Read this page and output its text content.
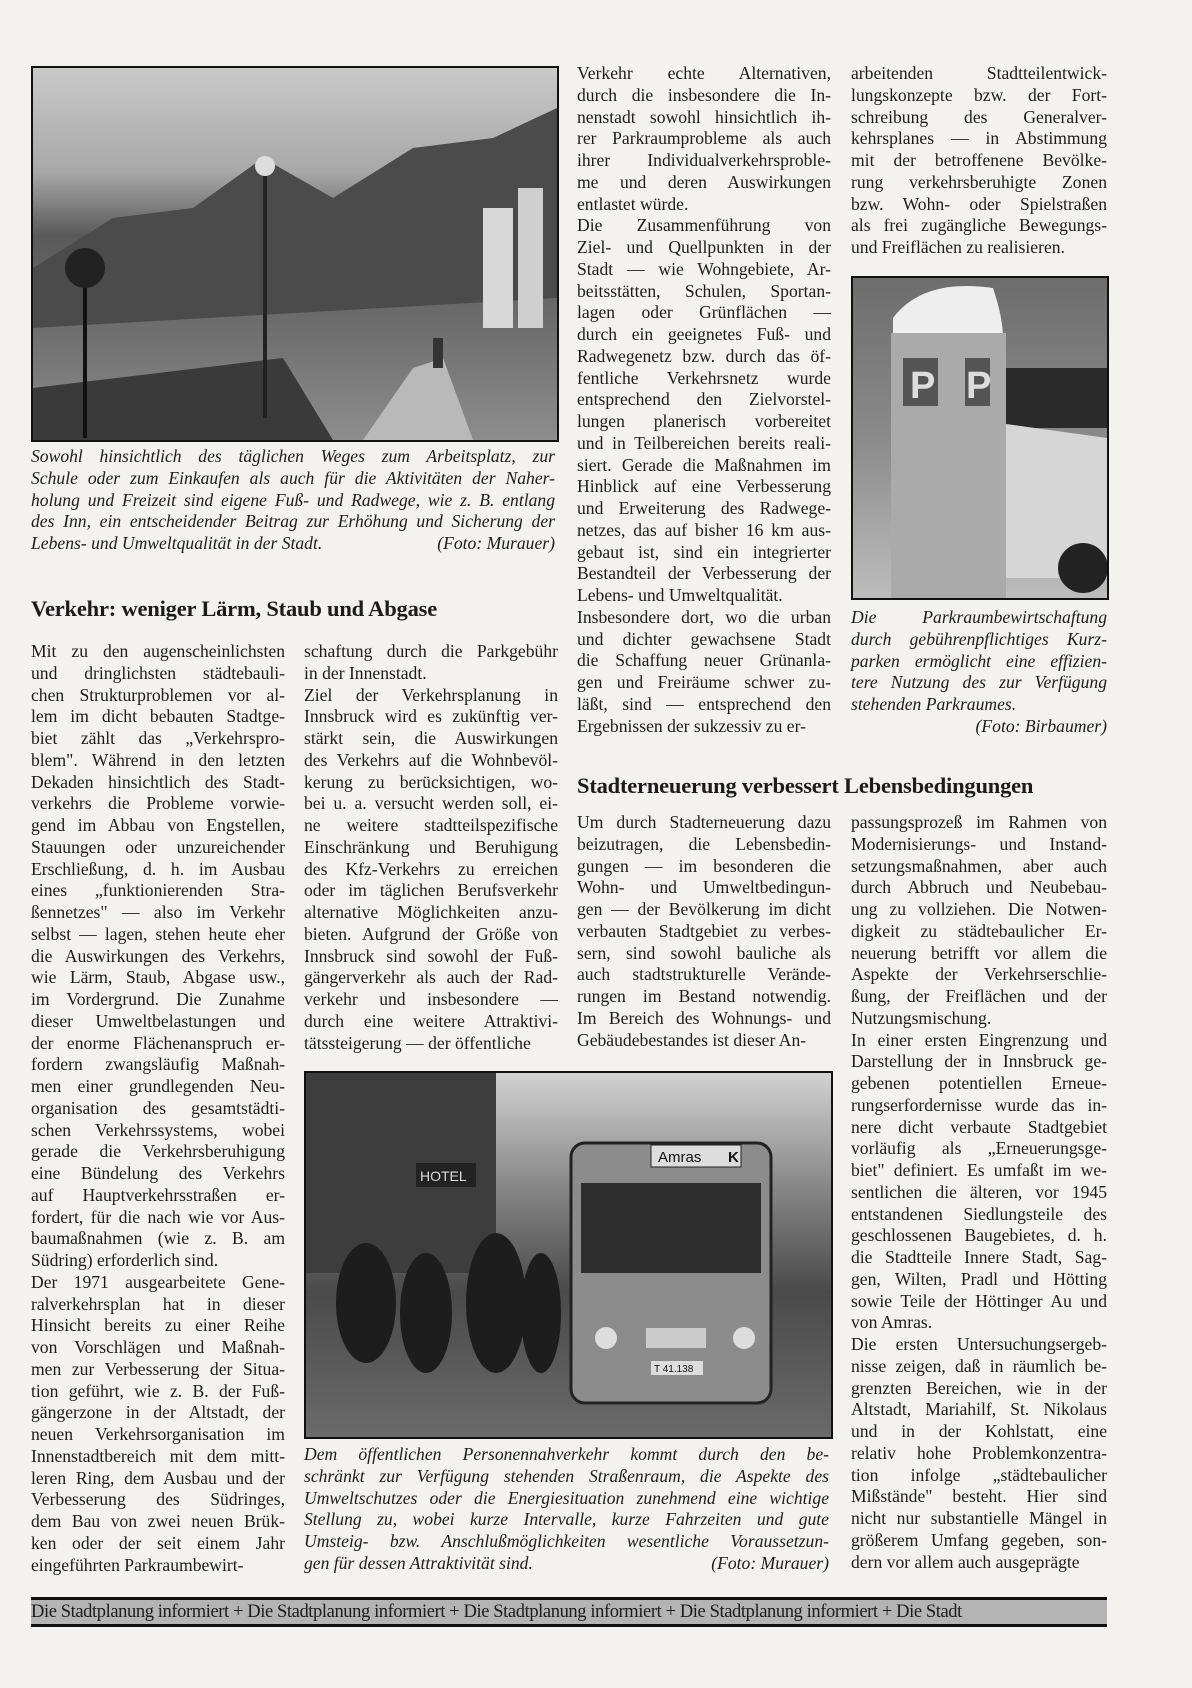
Sowohl hinsichtlich des täglichen Weges zum Arbeitsplatz, zur
Schule oder zum Einkaufen als auch für die Aktivitäten der Naher-
holung und Freizeit sind eigene Fuß- und Radwege, wie z. B. entlang
des Inn, ein entscheidender Beitrag zur Erhöhung und Sicherung der
Lebens- und Umweltqualität in der Stadt.	(Foto: Murauer)
Verkehr: weniger Lärm, Staub und Abgase
Mit zu den augenscheinlichsten
und dringlichsten städtebauli-
chen Strukturproblemen vor al-
lem im dicht bebauten Stadtge-
biet zählt das „Verkehrspro-
blem". Während in den letzten
Dekaden hinsichtlich des Stadt-
verkehrs die Probleme vorwie-
gend im Abbau von Engstellen,
Stauungen oder unzureichender
Erschließung, d. h. im Ausbau
eines „funktionierenden Stra-
ßennetzes" — also im Verkehr
selbst — lagen, stehen heute eher
die Auswirkungen des Verkehrs,
wie Lärm, Staub, Abgase usw.,
im Vordergrund. Die Zunahme
dieser Umweltbelastungen und
der enorme Flächenanspruch er-
fordern zwangsläufig Maßnah-
men einer grundlegenden Neu-
organisation des gesamtstädti-
schen Verkehrssystems, wobei
gerade die Verkehrsberuhigung
eine Bündelung des Verkehrs
auf Hauptverkehrsstraßen er-
fordert, für die nach wie vor Aus-
baumaßnahmen (wie z. B. am
Südring) erforderlich sind.
Der 1971 ausgearbeitete Gene-
ralverkehrsplan hat in dieser
Hinsicht bereits zu einer Reihe
von Vorschlägen und Maßnah-
men zur Verbesserung der Situa-
tion geführt, wie z. B. der Fuß-
gängerzone in der Altstadt, der
neuen Verkehrsorganisation im
Innenstadtbereich mit dem mitt-
leren Ring, dem Ausbau und der
Verbesserung des Südringes,
dem Bau von zwei neuen Brük-
ken oder der seit einem Jahr
eingeführten Parkraumbewirt-
schaftung durch die Parkgebühr
in der Innenstadt.
Ziel der Verkehrsplanung in
Innsbruck wird es zukünftig ver-
stärkt sein, die Auswirkungen
des Verkehrs auf die Wohnbevöl-
kerung zu berücksichtigen, wo-
bei u. a. versucht werden soll, ei-
ne weitere stadtteilspezifische
Einschränkung und Beruhigung
des Kfz-Verkehrs zu erreichen
oder im täglichen Berufsverkehr
alternative Möglichkeiten anzu-
bieten. Aufgrund der Größe von
Innsbruck sind sowohl der Fuß-
gängerverkehr als auch der Rad-
verkehr und insbesondere —
durch eine weitere Attraktivi-
tätssteigerung — der öffentliche
Verkehr echte Alternativen,
durch die insbesondere die In-
nenstadt sowohl hinsichtlich ih-
rer Parkraumprobleme als auch
ihrer Individualverkehrsproble-
me und deren Auswirkungen
entlastet würde.
Die Zusammenführung von
Ziel- und Quellpunkten in der
Stadt — wie Wohngebiete, Ar-
beitsstätten, Schulen, Sportan-
lagen oder Grünflächen —
durch ein geeignetes Fuß- und
Radwegenetz bzw. durch das öf-
fentliche Verkehrsnetz wurde
entsprechend den Zielvorstel-
lungen planerisch vorbereitet
und in Teilbereichen bereits reali-
siert. Gerade die Maßnahmen im
Hinblick auf eine Verbesserung
und Erweiterung des Radwege-
netzes, das auf bisher 16 km aus-
gebaut ist, sind ein integrierter
Bestandteil der Verbesserung der
Lebens- und Umweltqualität.
Insbesondere dort, wo die urban
und dichter gewachsene Stadt
die Schaffung neuer Grünanla-
gen und Freiräume schwer zu-
läßt, sind — entsprechend den
Ergebnissen der sukzessiv zu er-
arbeitenden Stadtteilentwick-
lungskonzepte bzw. der Fort-
schreibung des Generalver-
kehrsplanes — in Abstimmung
mit der betroffenene Bevölke-
rung verkehrsberuhigte Zonen
bzw. Wohn- oder Spielstraßen
als frei zugängliche Bewegungs-
und Freiflächen zu realisieren.
P P
Die Parkraumbewirtschaftung
durch gebührenpflichtiges Kurz-
parken ermöglicht eine effizien-
tere Nutzung des zur Verfügung
stehenden Parkraumes.
(Foto: Birbaumer)
Stadterneuerung verbessert Lebensbedingungen
Um durch Stadterneuerung dazu
beizutragen, die Lebensbedin-
gungen — im besonderen die
Wohn- und Umweltbedingun-
gen — der Bevölkerung im dicht
verbauten Stadtgebiet zu verbes-
sern, sind sowohl bauliche als
auch stadtstrukturelle Verände-
rungen im Bestand notwendig.
Im Bereich des Wohnungs- und
Gebäudebestandes ist dieser An-
passungsprozeß im Rahmen von
Modernisierungs- und Instand-
setzungsmaßnahmen, aber auch
durch Abbruch und Neubebau-
ung zu vollziehen. Die Notwen-
digkeit zu städtebaulicher Er-
neuerung betrifft vor allem die
Aspekte der Verkehrserschlie-
ßung, der Freiflächen und der
Nutzungsmischung.
In einer ersten Eingrenzung und
Darstellung der in Innsbruck ge-
gebenen potentiellen Erneue-
rungserfordernisse wurde das in-
nere dicht verbaute Stadtgebiet
vorläufig als „Erneuerungsge-
biet" definiert. Es umfaßt im we-
sentlichen die älteren, vor 1945
entstandenen Siedlungsteile des
geschlossenen Baugebietes, d. h.
die Stadtteile Innere Stadt, Sag-
gen, Wilten, Pradl und Hötting
sowie Teile der Höttinger Au und
von Amras.
Die ersten Untersuchungsergeb-
nisse zeigen, daß in räumlich be-
grenzten Bereichen, wie in der
Altstadt, Mariahilf, St. Nikolaus
und in der Kohlstatt, eine
relativ hohe Problemkonzentra-
tion infolge „städtebaulicher
Mißstände" besteht. Hier sind
nicht nur substantielle Mängel in
größerem Umfang gegeben, son-
dern vor allem auch ausgeprägte
HOTEL
Amras K
T 41.138
Dem öffentlichen Personennahverkehr kommt durch den be-
schränkt zur Verfügung stehenden Straßenraum, die Aspekte des
Umweltschutzes oder die Energiesituation zunehmend eine wichtige
Stellung zu, wobei kurze Intervalle, kurze Fahrzeiten und gute
Umsteig- bzw. Anschlußmöglichkeiten wesentliche Voraussetzun-
gen für dessen Attraktivität sind.	(Foto: Murauer)
Die Stadtplanung informiert + Die Stadtplanung informiert + Die Stadtplanung informiert + Die Stadtplanung informiert + Die Stadt
